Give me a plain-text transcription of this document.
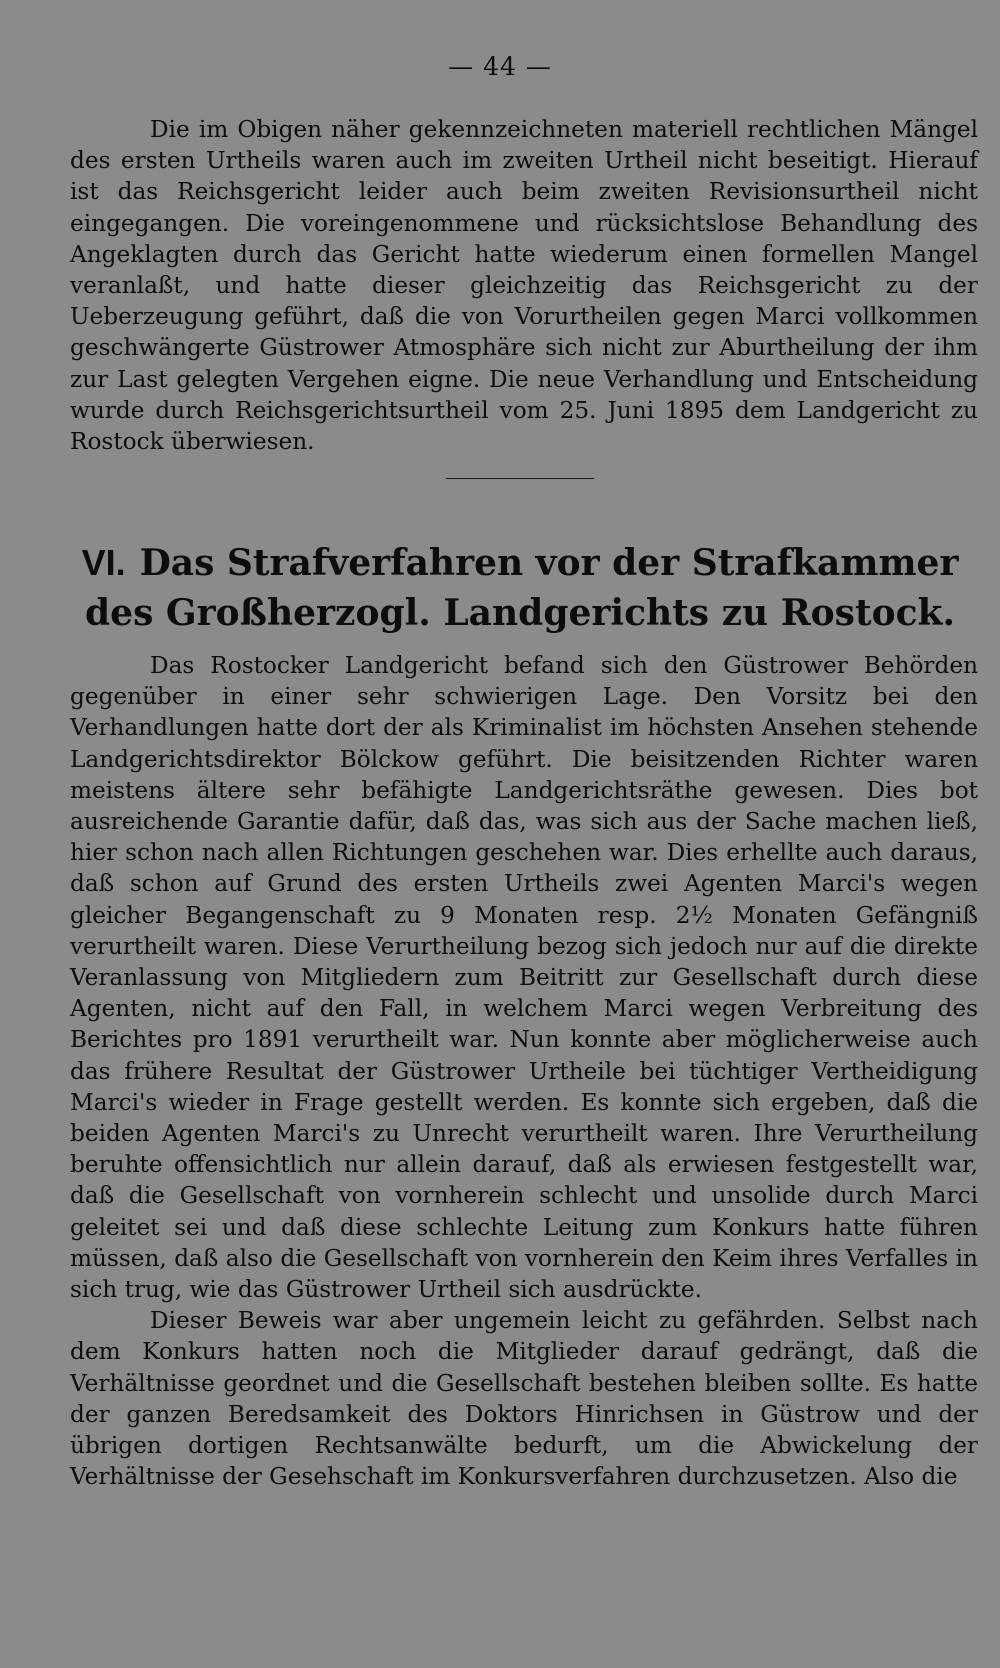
— 44 —

Die im Obigen näher gekennzeichneten materiell rechtlichen Mängel des ersten Urtheils waren auch im zweiten Urtheil nicht beseitigt. Hierauf ist das Reichsgericht leider auch beim zweiten Revisionsurtheil nicht eingegangen. Die voreingenommene und rücksichtslose Behandlung des Angeklagten durch das Gericht hatte wiederum einen formellen Mangel veranlaßt, und hatte dieser gleichzeitig das Reichsgericht zu der Ueberzeugung geführt, daß die von Vorurtheilen gegen Marci vollkommen geschwängerte Güstrower Atmosphäre sich nicht zur Aburtheilung der ihm zur Last gelegten Vergehen eigne. Die neue Verhandlung und Entscheidung wurde durch Reichsgerichtsurtheil vom 25. Juni 1895 dem Landgericht zu Rostock überwiesen.

VI. Das Strafverfahren vor der Strafkammer des Großherzogl. Landgerichts zu Rostock.

Das Rostocker Landgericht befand sich den Güstrower Behörden gegenüber in einer sehr schwierigen Lage. Den Vorsitz bei den Verhandlungen hatte dort der als Kriminalist im höchsten Ansehen stehende Landgerichtsdirektor Bölckow geführt. Die beisitzenden Richter waren meistens ältere sehr befähigte Landgerichtsräthe gewesen. Dies bot ausreichende Garantie dafür, daß das, was sich aus der Sache machen ließ, hier schon nach allen Richtungen geschehen war. Dies erhellte auch daraus, daß schon auf Grund des ersten Urtheils zwei Agenten Marci's wegen gleicher Begangenschaft zu 9 Monaten resp. 2½ Monaten Gefängniß verurtheilt waren. Diese Verurtheilung bezog sich jedoch nur auf die direkte Veranlassung von Mitgliedern zum Beitritt zur Gesellschaft durch diese Agenten, nicht auf den Fall, in welchem Marci wegen Verbreitung des Berichtes pro 1891 verurtheilt war. Nun konnte aber möglicherweise auch das frühere Resultat der Güstrower Urtheile bei tüchtiger Vertheidigung Marci's wieder in Frage gestellt werden. Es konnte sich ergeben, daß die beiden Agenten Marci's zu Unrecht verurtheilt waren. Ihre Verurtheilung beruhte offensichtlich nur allein darauf, daß als erwiesen festgestellt war, daß die Gesellschaft von vornherein schlecht und unsolide durch Marci geleitet sei und daß diese schlechte Leitung zum Konkurs hatte führen müssen, daß also die Gesellschaft von vornherein den Keim ihres Verfalles in sich trug, wie das Güstrower Urtheil sich ausdrückte.

Dieser Beweis war aber ungemein leicht zu gefährden. Selbst nach dem Konkurs hatten noch die Mitglieder darauf gedrängt, daß die Verhältnisse geordnet und die Gesellschaft bestehen bleiben sollte. Es hatte der ganzen Beredsamkeit des Doktors Hinrichsen in Güstrow und der übrigen dortigen Rechtsanwälte bedurft, um die Abwickelung der Verhältnisse der Gesehschaft im Konkursverfahren durchzusetzen. Also die
